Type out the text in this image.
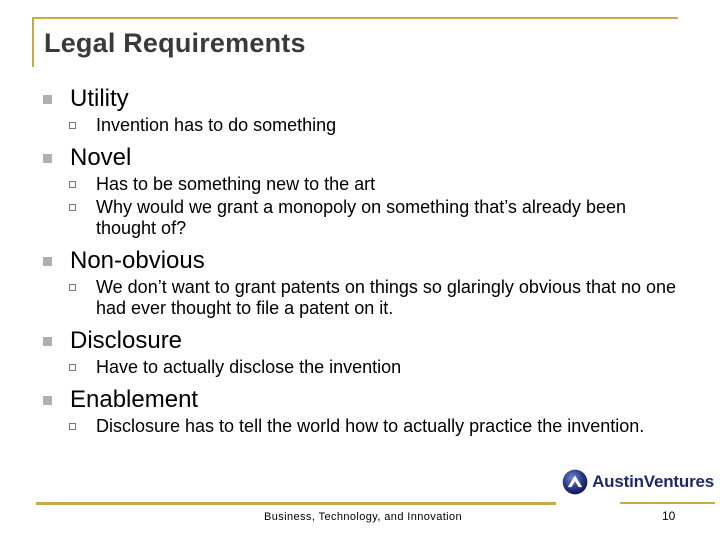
Legal Requirements
Utility
Invention has to do something
Novel
Has to be something new to the art
Why would we grant a monopoly on something that’s already been thought of?
Non-obvious
We don’t want to grant patents on things so glaringly obvious that no one had ever thought to file a patent on it.
Disclosure
Have to actually disclose the invention
Enablement
Disclosure has to tell the world how to actually practice the invention.
AustinVentures
Business, Technology, and Innovation	10
